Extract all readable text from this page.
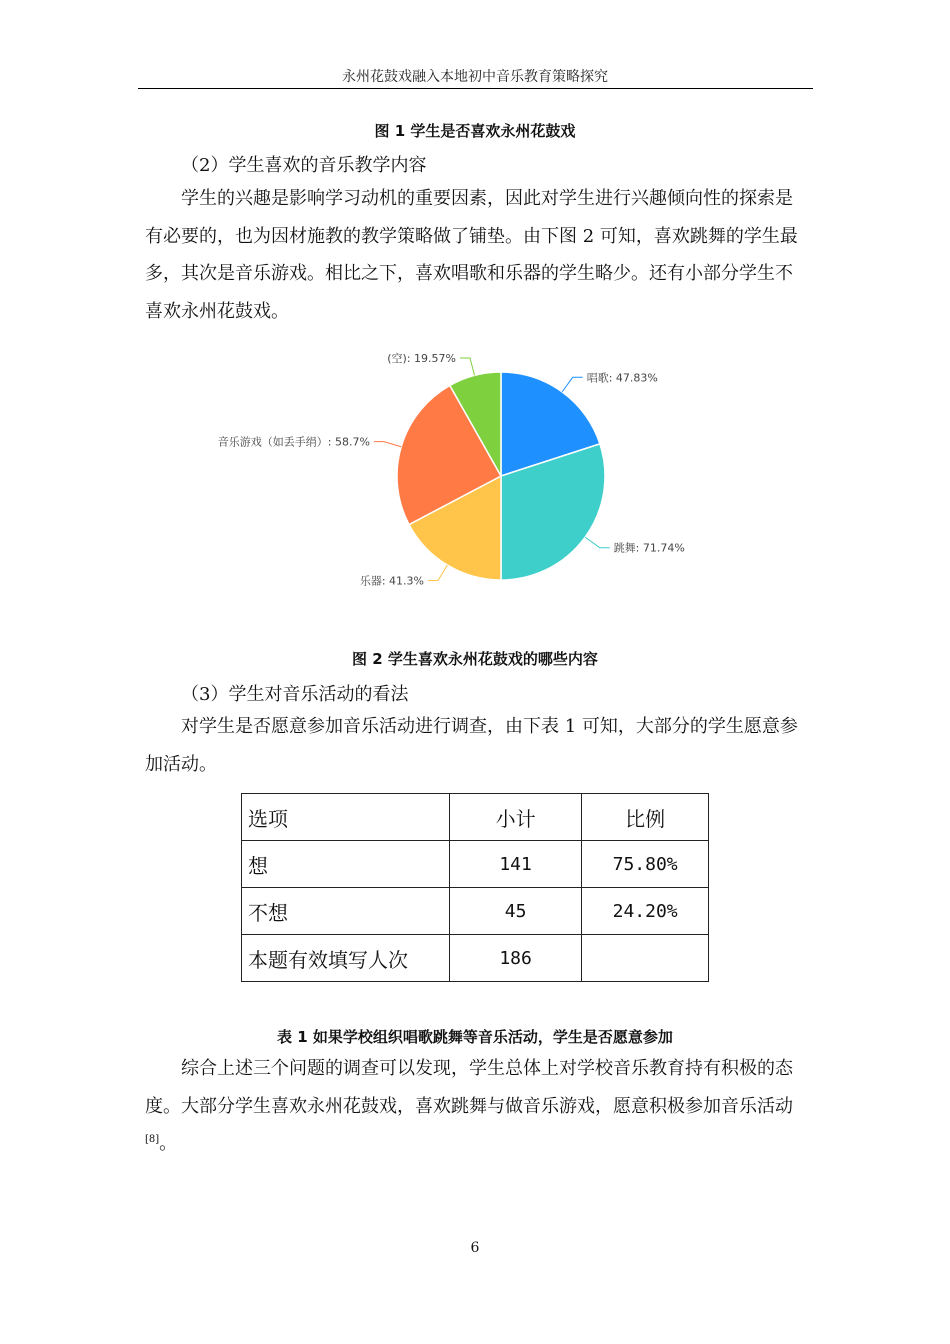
永州花鼓戏融入本地初中音乐教育策略探究
图 1 学生是否喜欢永州花鼓戏
（2）学生喜欢的音乐教学内容

学生的兴趣是影响学习动机的重要因素，因此对学生进行兴趣倾向性的探索是有必要的，也为因材施教的教学策略做了铺垫。由下图 2 可知，喜欢跳舞的学生最多，其次是音乐游戏。相比之下，喜欢唱歌和乐器的学生略少。还有小部分学生不喜欢永州花鼓戏。

唱歌: 47.83%
跳舞: 71.74%
乐器: 41.3%
音乐游戏（如丢手绢）: 58.7%
(空): 19.57%
图 2 学生喜欢永州花鼓戏的哪些内容
（3）学生对音乐活动的看法

对学生是否愿意参加音乐活动进行调查，由下表 1 可知，大部分的学生愿意参加活动。

选项	小计	比例
想	141	75.80%
不想	45	24.20%
本题有效填写人次	186	
表 1 如果学校组织唱歌跳舞等音乐活动，学生是否愿意参加

综合上述三个问题的调查可以发现，学生总体上对学校音乐教育持有积极的态度。大部分学生喜欢永州花鼓戏，喜欢跳舞与做音乐游戏，愿意积极参加音乐活动[8]。

6
